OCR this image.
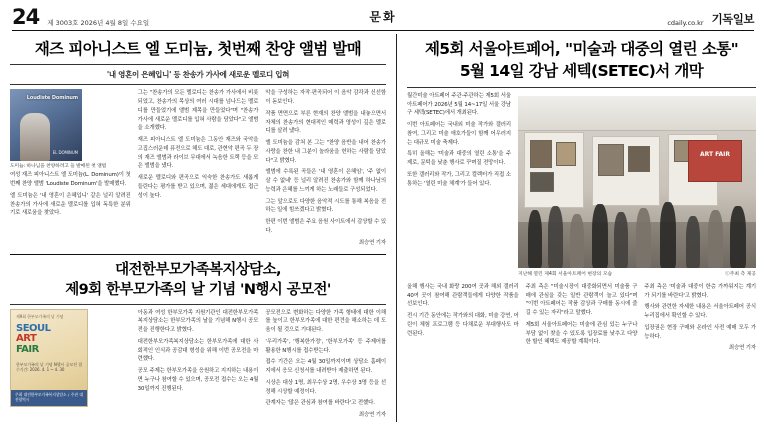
24 제 3003호 2026년 4월 8일 수요일	문화	cdaily.co.kr 기독일보
재즈 피아니스트 엘 도미늄, 첫번째 찬양 앨범 발매
'내 영혼이 은혜입니' 등 찬송가 가사에 새로운 멜로디 입혀
Loudiste Dominum
EL DOMINUM
도미늄: 하나님을 찬양하려고 들 발매된 첫 앨범

여성 재즈 피아니스트 엘 도미늄(L. Dominum)이 첫번째 찬양 앨범 'Loudiste Dominum'을 발매했다.

엘 도미늄은 '내 영혼이 은혜입니' 같은 널리 알려진 찬송가의 가사에 새로운 멜로디를 입혀 독특한 분위기로 새로움을 찾았다.

그는 "찬송가의 모든 멜로디는 찬송가 가사에서 비롯되었고, 찬송가의 목상의 여러 시대를 넘나드는 멜로디를 만들었기에 앨범 제목을 만들었다"며 "찬송가 가사에 새로운 멜로디를 입혀 사람을 담았다"고 앨범을 소개했다.

재즈 피아니스트 엘 도미늄은 그동안 재즈와 국악을 고집스러운데 퓨전으로 해도 대로, 관현악 편곡 두 장의 재즈 앨범과 라이브 무대에서 녹음한 트랙 등을 모은 앨범을 냈다.

새로운 멜로디와 편곡으로 익숙한 찬송가도 새롭게 들린다는 평가를 받고 있으며, 젊은 세대에게도 접근성이 높다.

악을 구성하는 자작·편곡되어 이 음악 감각과 신선함이 돋보인다.

작품 면면으로 부른 현재의 찬양 앨범을 내놓으면서 자체의 찬송가의 현대적인 매력과 영성이 깊은 멜로디를 살려 냈다.

엘 도미늄을 감쳐 본 그는 "찬양 음반을 내어 찬송가 사랑을 찬한 내 그분이 놀라움을 헌하는 사람들 담았다"고 밝혔다.

앨범에 수록된 곡들은 '내 영혼이 은혜임', '주 없이 살 수 없네' 등 널리 알려진 찬송가와 함께 하나님의 능력과 은혜를 느끼게 하는 노래들로 구성되었다.

그는 앞으로도 다양한 음악적 시도를 통해 복음을 전하는 일에 힘쓰겠다고 밝혔다.

한편 이번 앨범은 주요 음원 사이트에서 감상할 수 있다.

최승연 기자
대전한부모가족복지상담소,
제9회 한부모가족의 날 기념 'N행시 공모전'
제9회 한부모가족의 날 기념
SEOUL
ART
FAIR
한부모가족의 날 기념 N행시 공모전 접수기간: 2026. 4. 1 ~ 4. 30
주최 대전한부모가족복지상담소 / 주관 대전광역시

아동과 여성 한부모가족 지원기관인 대전한부모가족복지상담소는 한부모가족의 날을 기념해 N행시 공모전을 진행한다고 밝혔다.

대전한부모가족복지상담소는 한부모가족에 대한 사회적인 인식과 공감대 형성을 위해 이번 공모전을 마련했다.

공모 주제는 한부모가족을 응원하고 지지하는 내용이면 누구나 참여할 수 있으며, 공모전 접수는 오는 4월 30일까지 진행된다.

공모전으로 변화하는 다양한 가족 형태에 대한 이해를 높이고 한부모가족에 대한 편견을 해소하는 데 도움이 될 것으로 기대된다.

'우리가족', '행복한가정', '한부모가족' 등 주제어를 활용한 N행시를 접수받는다.

접수 기간은 오는 4월 30일까지이며 상담소 홈페이지에서 응모 신청서를 내려받아 제출하면 된다.

시상은 대상 1명, 최우수상 2명, 우수상 3명 등을 선정해 시상할 예정이다.

관계자는 '많은 관심과 참여를 바란다'고 전했다.

최승연 기자
제5회 서울아트페어, "미술과 대중의 열린 소통"
5월 14일 강남 세텍(SETEC)서 개막

월간미술 아트페어 주관·주관하는 제5회 서울아트페어가 2026년 5월 14~17일 서울 강남구 세텍(SETEC)에서 개최된다.

이번 아트페어는 국내외 미술 작가와 갤러리 참여, 그리고 미술 애호가들이 함께 어우러지는 대규모 미술 축제다.

특히 올해는 '미술과 대중의 열린 소통'을 주제로, 문턱을 낮춘 행사로 꾸며질 전망이다.

또한 갤러리와 작가, 그리고 컬렉터가 직접 소통하는 '열린 미술 체계'가 들어 있다.

ART FAIR
지난해 열린 제4회 서울아트페어 현장의 모습	ⓒ주최 측 제공

올해 행사는 국내 화랑 200여 곳과 해외 갤러리 40여 곳이 참여해 관람객들에게 다양한 작품을 선보인다.

전시 기간 동안에는 작가와의 대화, 미술 강연, 어린이 체험 프로그램 등 다채로운 부대행사도 마련된다.

주최 측은 "미술시장이 대중화되면서 미술품 구매에 관심을 갖는 일반 관람객이 늘고 있다"며 "이번 아트페어는 작품 감상과 구매를 동시에 즐길 수 있는 자리"라고 말했다.

제5회 서울아트페어는 미술에 관심 있는 누구나 부담 없이 찾을 수 있도록 입장료를 낮추고 다양한 할인 혜택도 제공할 계획이다.

주최 측은 '미술과 대중이 한층 가까워지는 계기가 되기를 바란다'고 밝혔다.

행사와 관련한 자세한 내용은 서울아트페어 공식 누리집에서 확인할 수 있다.

입장권은 현장 구매와 온라인 사전 예매 모두 가능하다.

최승연 기자
